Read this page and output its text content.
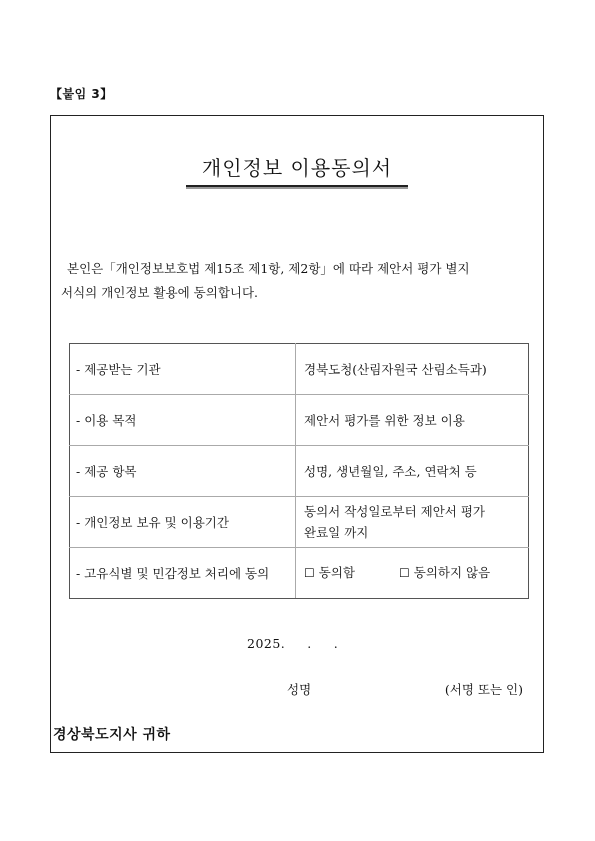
【붙임 3】
개인정보 이용동의서
본인은「개인정보보호법 제15조 제1항, 제2항」에 따라 제안서 평가 별지
서식의 개인정보 활용에 동의합니다.
- 제공받는 기관	경북도청(산림자원국 산림소득과)
- 이용 목적	제안서 평가를 위한 정보 이용
- 제공 항목	성명, 생년월일, 주소, 연락처 등
- 개인정보 보유 및 이용기간	동의서 작성일로부터 제안서 평가
완료일 까지

- 고유식별 및 민감정보 처리에 동의	☐ 동의함 ☐ 동의하지 않음
2025. . .
성명	(서명 또는 인)
경상북도지사 귀하
